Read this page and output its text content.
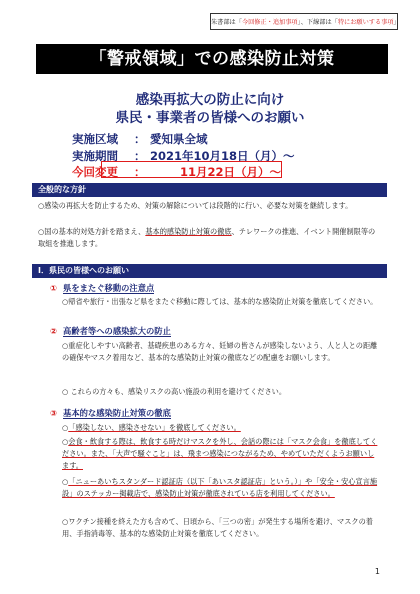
朱書部は「今回修正・追加事項」、下線部は「特にお願いする事項」
「警戒領域」での感染防止対策
感染再拡大の防止に向け
県民・事業者の皆様へのお願い
実施区域 ： 愛知県全域
実施期間 ： 2021年10月18日（月）〜
今回変更 ：	11月22日（月）〜
全般的な方針
○感染の再拡大を防止するため、対策の解除については段階的に行い、必要な対策を継続します。
○国の基本的対処方針を踏まえ、基本的感染防止対策の徹底、テレワークの推進、イベント開催制限等の取組を推進します。
Ⅰ．県民の皆様へのお願い
① 県をまたぐ移動の注意点
○帰省や旅行・出張など県をまたぐ移動に際しては、基本的な感染防止対策を徹底してください。
② 高齢者等への感染拡大の防止
○重症化しやすい高齢者、基礎疾患のある方々、妊婦の皆さんが感染しないよう、人と人との距離の確保やマスク着用など、基本的な感染防止対策の徹底などの配慮をお願いします。
○ これらの方々も、感染リスクの高い施設の利用を避けてください。
③ 基本的な感染防止対策の徹底
○「感染しない、感染させない」を徹底してください。
○会食・飲食する際は、飲食する時だけマスクを外し、会話の際には「マスク会食」を徹底してください。また、「大声で騒ぐこと」は、飛まつ感染につながるため、やめていただくようお願いします。
○「ニューあいちスタンダード認証店（以下「あいスタ認証店」という。）」や「安全・安心宣言施設」のステッカー掲載店で、感染防止対策が徹底されている店を利用してください。
○ワクチン接種を終えた方も含めて、日頃から、「三つの密」が発生する場所を避け、マスクの着用、手指消毒等、基本的な感染防止対策を徹底してください。
1
